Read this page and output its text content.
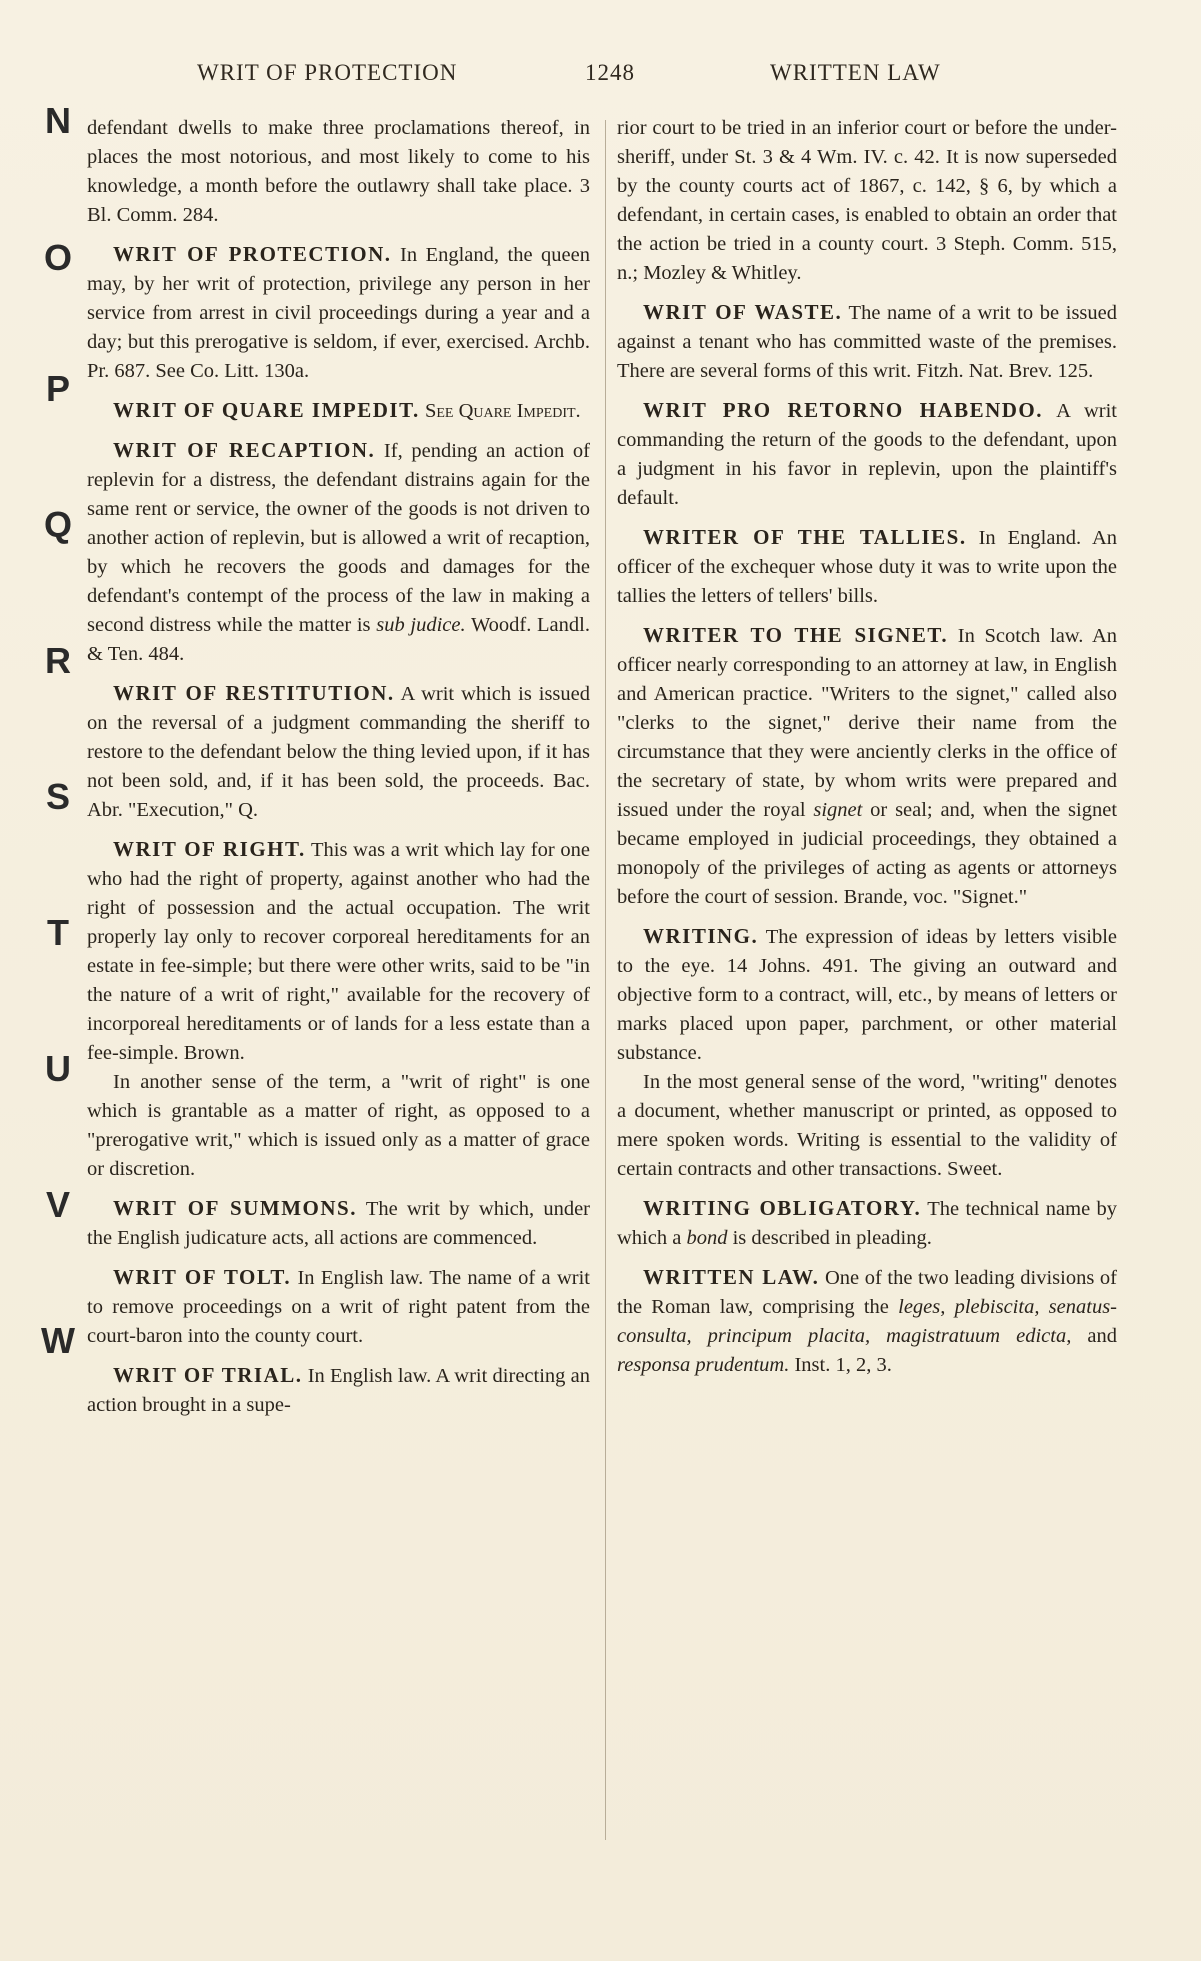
WRIT OF PROTECTION	1248	WRITTEN LAW
N
O
P
Q
R
S
T
U
V
W

defendant dwells to make three proclamations thereof, in places the most notorious, and most likely to come to his knowledge, a month before the outlawry shall take place. 3 Bl. Comm. 284.

WRIT OF PROTECTION. In England, the queen may, by her writ of protection, privilege any person in her service from arrest in civil proceedings during a year and a day; but this prerogative is seldom, if ever, exercised. Archb. Pr. 687. See Co. Litt. 130a.

WRIT OF QUARE IMPEDIT. See Quare Impedit.

WRIT OF RECAPTION. If, pending an action of replevin for a distress, the defendant distrains again for the same rent or service, the owner of the goods is not driven to another action of replevin, but is allowed a writ of recaption, by which he recovers the goods and damages for the defendant's contempt of the process of the law in making a second distress while the matter is sub judice. Woodf. Landl. & Ten. 484.

WRIT OF RESTITUTION. A writ which is issued on the reversal of a judgment commanding the sheriff to restore to the defendant below the thing levied upon, if it has not been sold, and, if it has been sold, the proceeds. Bac. Abr. "Execution," Q.

WRIT OF RIGHT. This was a writ which lay for one who had the right of property, against another who had the right of possession and the actual occupation. The writ properly lay only to recover corporeal hereditaments for an estate in fee-simple; but there were other writs, said to be "in the nature of a writ of right," available for the recovery of incorporeal hereditaments or of lands for a less estate than a fee-simple. Brown.

In another sense of the term, a "writ of right" is one which is grantable as a matter of right, as opposed to a "prerogative writ," which is issued only as a matter of grace or discretion.

WRIT OF SUMMONS. The writ by which, under the English judicature acts, all actions are commenced.

WRIT OF TOLT. In English law. The name of a writ to remove proceedings on a writ of right patent from the court-baron into the county court.

WRIT OF TRIAL. In English law. A writ directing an action brought in a supe-

rior court to be tried in an inferior court or before the under-sheriff, under St. 3 & 4 Wm. IV. c. 42. It is now superseded by the county courts act of 1867, c. 142, § 6, by which a defendant, in certain cases, is enabled to obtain an order that the action be tried in a county court. 3 Steph. Comm. 515, n.; Mozley & Whitley.

WRIT OF WASTE. The name of a writ to be issued against a tenant who has committed waste of the premises. There are several forms of this writ. Fitzh. Nat. Brev. 125.

WRIT PRO RETORNO HABENDO. A writ commanding the return of the goods to the defendant, upon a judgment in his favor in replevin, upon the plaintiff's default.

WRITER OF THE TALLIES. In England. An officer of the exchequer whose duty it was to write upon the tallies the letters of tellers' bills.

WRITER TO THE SIGNET. In Scotch law. An officer nearly corresponding to an attorney at law, in English and American practice. "Writers to the signet," called also "clerks to the signet," derive their name from the circumstance that they were anciently clerks in the office of the secretary of state, by whom writs were prepared and issued under the royal signet or seal; and, when the signet became employed in judicial proceedings, they obtained a monopoly of the privileges of acting as agents or attorneys before the court of session. Brande, voc. "Signet."

WRITING. The expression of ideas by letters visible to the eye. 14 Johns. 491. The giving an outward and objective form to a contract, will, etc., by means of letters or marks placed upon paper, parchment, or other material substance.

In the most general sense of the word, "writing" denotes a document, whether manuscript or printed, as opposed to mere spoken words. Writing is essential to the validity of certain contracts and other transactions. Sweet.

WRITING OBLIGATORY. The technical name by which a bond is described in pleading.

WRITTEN LAW. One of the two leading divisions of the Roman law, comprising the leges, plebiscita, senatus-consulta, principum placita, magistratuum edicta, and responsa prudentum. Inst. 1, 2, 3.
